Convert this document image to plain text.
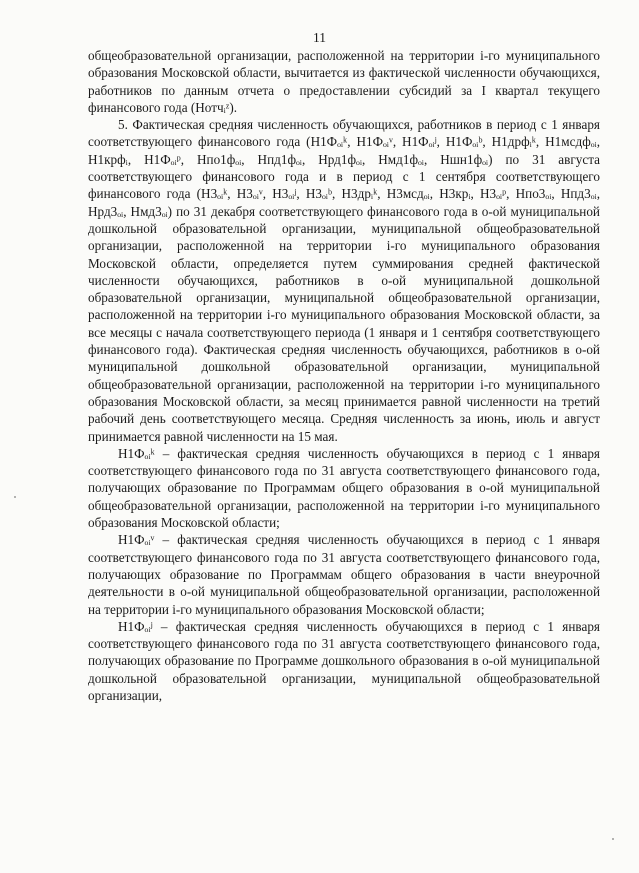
11

общеобразовательной организации, расположенной на территории i-го муниципального образования Московской области, вычитается из фактической численности обучающихся, работников по данным отчета о предоставлении субсидий за I квартал текущего финансового года (Нотчᵢᶻ).

5. Фактическая средняя численность обучающихся, работников в период с 1 января соответствующего финансового года (Н1Фₒᵢᵏ, Н1Фₒᵢᵛ, Н1Фₒᵢʲ, Н1Фₒᵢᵇ, Н1дрфᵢᵏ, Н1мсдфₒᵢ, Н1крфᵢ, Н1Фₒᵢᵖ, Нпо1фₒᵢ, Нпд1фₒᵢ, Нрд1фₒᵢ, Нмд1фₒᵢ, Ншн1фₒᵢ) по 31 августа соответствующего финансового года и в период с 1 сентября соответствующего финансового года (Н3ₒᵢᵏ, Н3ₒᵢᵛ, Н3ₒᵢʲ, Н3ₒᵢᵇ, Н3дрᵢᵏ, Н3мсдₒᵢ, Н3крᵢ, Н3ₒᵢᵖ, Нпо3ₒᵢ, Нпд3ₒᵢ, Нрд3ₒᵢ, Нмд3ₒᵢ) по 31 декабря соответствующего финансового года в о-ой муниципальной дошкольной образовательной организации, муниципальной общеобразовательной организации, расположенной на территории i-го муниципального образования Московской области, определяется путем суммирования средней фактической численности обучающихся, работников в о-ой муниципальной дошкольной образовательной организации, муниципальной общеобразовательной организации, расположенной на территории i-го муниципального образования Московской области, за все месяцы с начала соответствующего периода (1 января и 1 сентября соответствующего финансового года). Фактическая средняя численность обучающихся, работников в о-ой муниципальной дошкольной образовательной организации, муниципальной общеобразовательной организации, расположенной на территории i-го муниципального образования Московской области, за месяц принимается равной численности на третий рабочий день соответствующего месяца. Средняя численность за июнь, июль и август принимается равной численности на 15 мая.

Н1Фₒᵢᵏ – фактическая средняя численность обучающихся в период с 1 января соответствующего финансового года по 31 августа соответствующего финансового года, получающих образование по Программам общего образования в о-ой муниципальной общеобразовательной организации, расположенной на территории i-го муниципального образования Московской области;

Н1Фₒᵢᵛ – фактическая средняя численность обучающихся в период с 1 января соответствующего финансового года по 31 августа соответствующего финансового года, получающих образование по Программам общего образования в части внеурочной деятельности в о-ой муниципальной общеобразовательной организации, расположенной на территории i-го муниципального образования Московской области;

Н1Фₒᵢʲ – фактическая средняя численность обучающихся в период с 1 января соответствующего финансового года по 31 августа соответствующего финансового года, получающих образование по Программе дошкольного образования в о-ой муниципальной дошкольной образовательной организации, муниципальной общеобразовательной организации,
